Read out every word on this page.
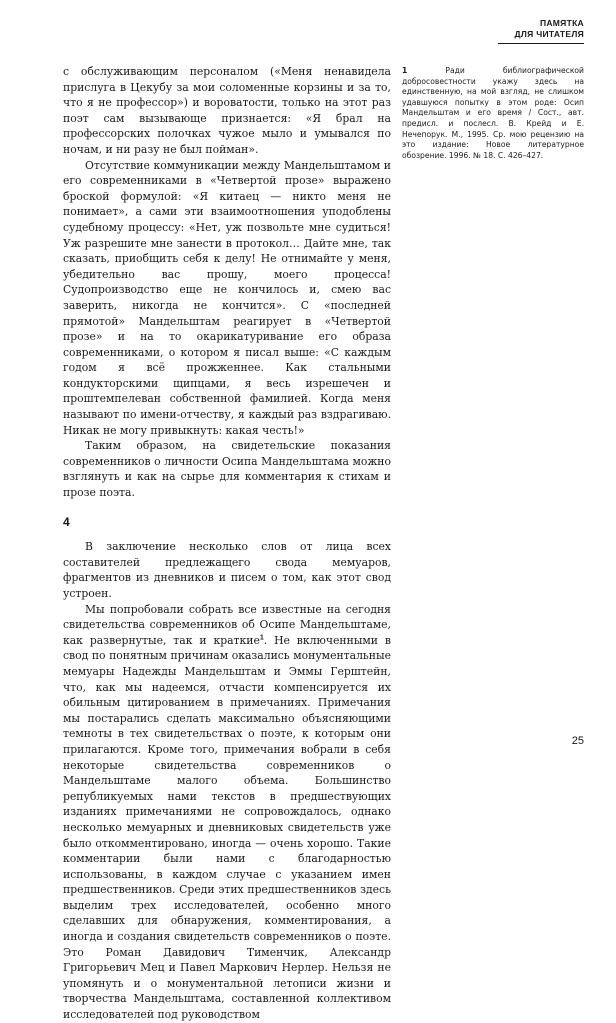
ПАМЯТКА
ДЛЯ ЧИТАТЕЛЯ

с обслуживающим персоналом («Меня ненавидела прислуга в Цекубу за мои соломенные корзины и за то, что я не профессор») и вороватости, только на этот раз поэт сам вызывающе признается: «Я брал на профессорских полочках чужое мыло и умывался по ночам, и ни разу не был пойман».

Отсутствие коммуникации между Мандельштамом и его современниками в «Четвертой прозе» выражено броской формулой: «Я китаец — никто меня не понимает», а сами эти взаимоотношения уподоблены судебному процессу: «Нет, уж позвольте мне судиться! Уж разрешите мне занести в протокол… Дайте мне, так сказать, приобщить себя к делу! Не отнимайте у меня, убедительно вас прошу, моего процесса! Судопроизводство еще не кончилось и, смею вас заверить, никогда не кончится». С «последней прямотой» Мандельштам реагирует в «Четвертой прозе» и на то окарикатуривание его образа современниками, о котором я писал выше: «С каждым годом я всё прожженнее. Как стальными кондукторскими щипцами, я весь изрешечен и проштемпелеван собственной фамилией. Когда меня называют по имени-отчеству, я каждый раз вздрагиваю. Никак не могу привыкнуть: какая честь!»

Таким образом, на свидетельские показания современников о личности Осипа Мандельштама можно взглянуть и как на сырье для комментария к стихам и прозе поэта.

4

В заключение несколько слов от лица всех составителей предлежащего свода мемуаров, фрагментов из дневников и писем о том, как этот свод устроен.

Мы попробовали собрать все известные на сегодня свидетельства современников об Осипе Мандельштаме, как развернутые, так и краткие$^1$. Не включенными в свод по понятным причинам оказались монументальные мемуары Надежды Мандельштам и Эммы Герштейн, что, как мы надеемся, отчасти компенсируется их обильным цитированием в примечаниях. Примечания мы постарались сделать максимально объясняющими темноты в тех свидетельствах о поэте, к которым они прилагаются. Кроме того, примечания вобрали в себя некоторые свидетельства современников о Мандельштаме малого объема. Большинство републикуемых нами текстов в предшествующих изданиях примечаниями не сопровождалось, однако несколько мемуарных и дневниковых свидетельств уже было откомментировано, иногда — очень хорошо. Такие комментарии были нами с благодарностью использованы, в каждом случае с указанием имен предшественников. Среди этих предшественников здесь выделим трех исследователей, особенно много сделавших для обнаружения, комментирования, а иногда и создания свидетельств современников о поэте. Это Роман Давидович Тименчик, Александр Григорьевич Мец и Павел Маркович Нерлер. Нельзя не упомянуть и о монументальной летописи жизни и творчества Мандельштама, составленной коллективом исследователей под руководством

1	Ради библиографической добросовестности укажу здесь на единственную, на мой взгляд, не слишком удавшуюся попытку в этом роде: Осип Мандельштам и его время / Сост., авт. предисл. и послесл. В. Крейд и Е. Нечепорук. М., 1995. Ср. мою рецензию на это издание: Новое литературное обозрение. 1996. № 18. С. 426–427.
25
